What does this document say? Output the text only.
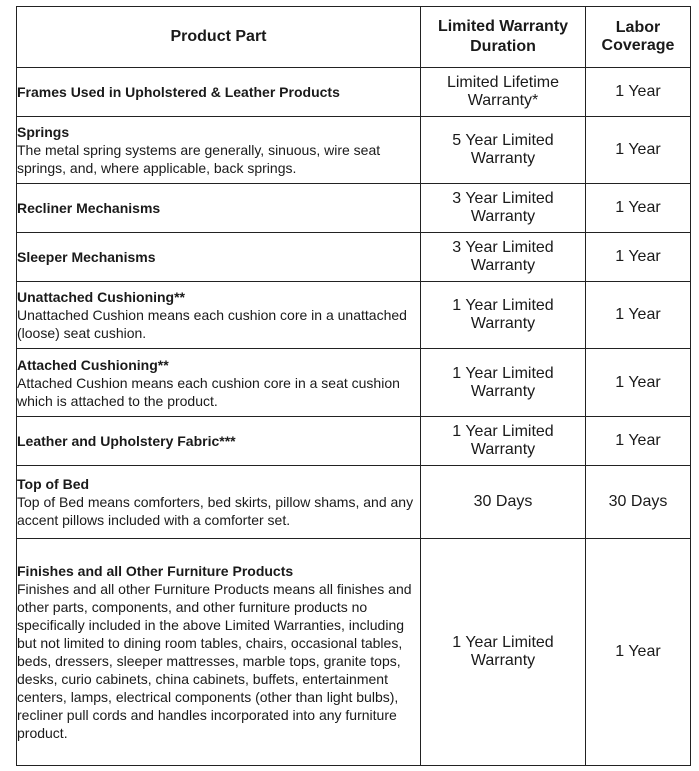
Product Part	Limited Warranty Duration	Labor Coverage

Frames Used in Upholstered & Leather Products	Limited Lifetime Warranty*	1 Year

Springs
The metal spring systems are generally, sinuous, wire seat springs, and, where applicable, back springs.	5 Year Limited Warranty	1 Year

Recliner Mechanisms	3 Year Limited Warranty	1 Year

Sleeper Mechanisms	3 Year Limited Warranty	1 Year

Unattached Cushioning**
Unattached Cushion means each cushion core in a unattached (loose) seat cushion.	1 Year Limited Warranty	1 Year

Attached Cushioning**
Attached Cushion means each cushion core in a seat cushion which is attached to the product.	1 Year Limited Warranty	1 Year

Leather and Upholstery Fabric***	1 Year Limited Warranty	1 Year

Top of Bed
Top of Bed means comforters, bed skirts, pillow shams, and any accent pillows included with a comforter set.	30 Days	30 Days

Finishes and all Other Furniture Products
Finishes and all other Furniture Products means all finishes and other parts, components, and other furniture products no specifically included in the above Limited Warranties, including but not limited to dining room tables, chairs, occasional tables, beds, dressers, sleeper mattresses, marble tops, granite tops, desks, curio cabinets, china cabinets, buffets, entertainment centers, lamps, electrical components (other than light bulbs), recliner pull cords and handles incorporated into any furniture product.	1 Year Limited Warranty	1 Year
